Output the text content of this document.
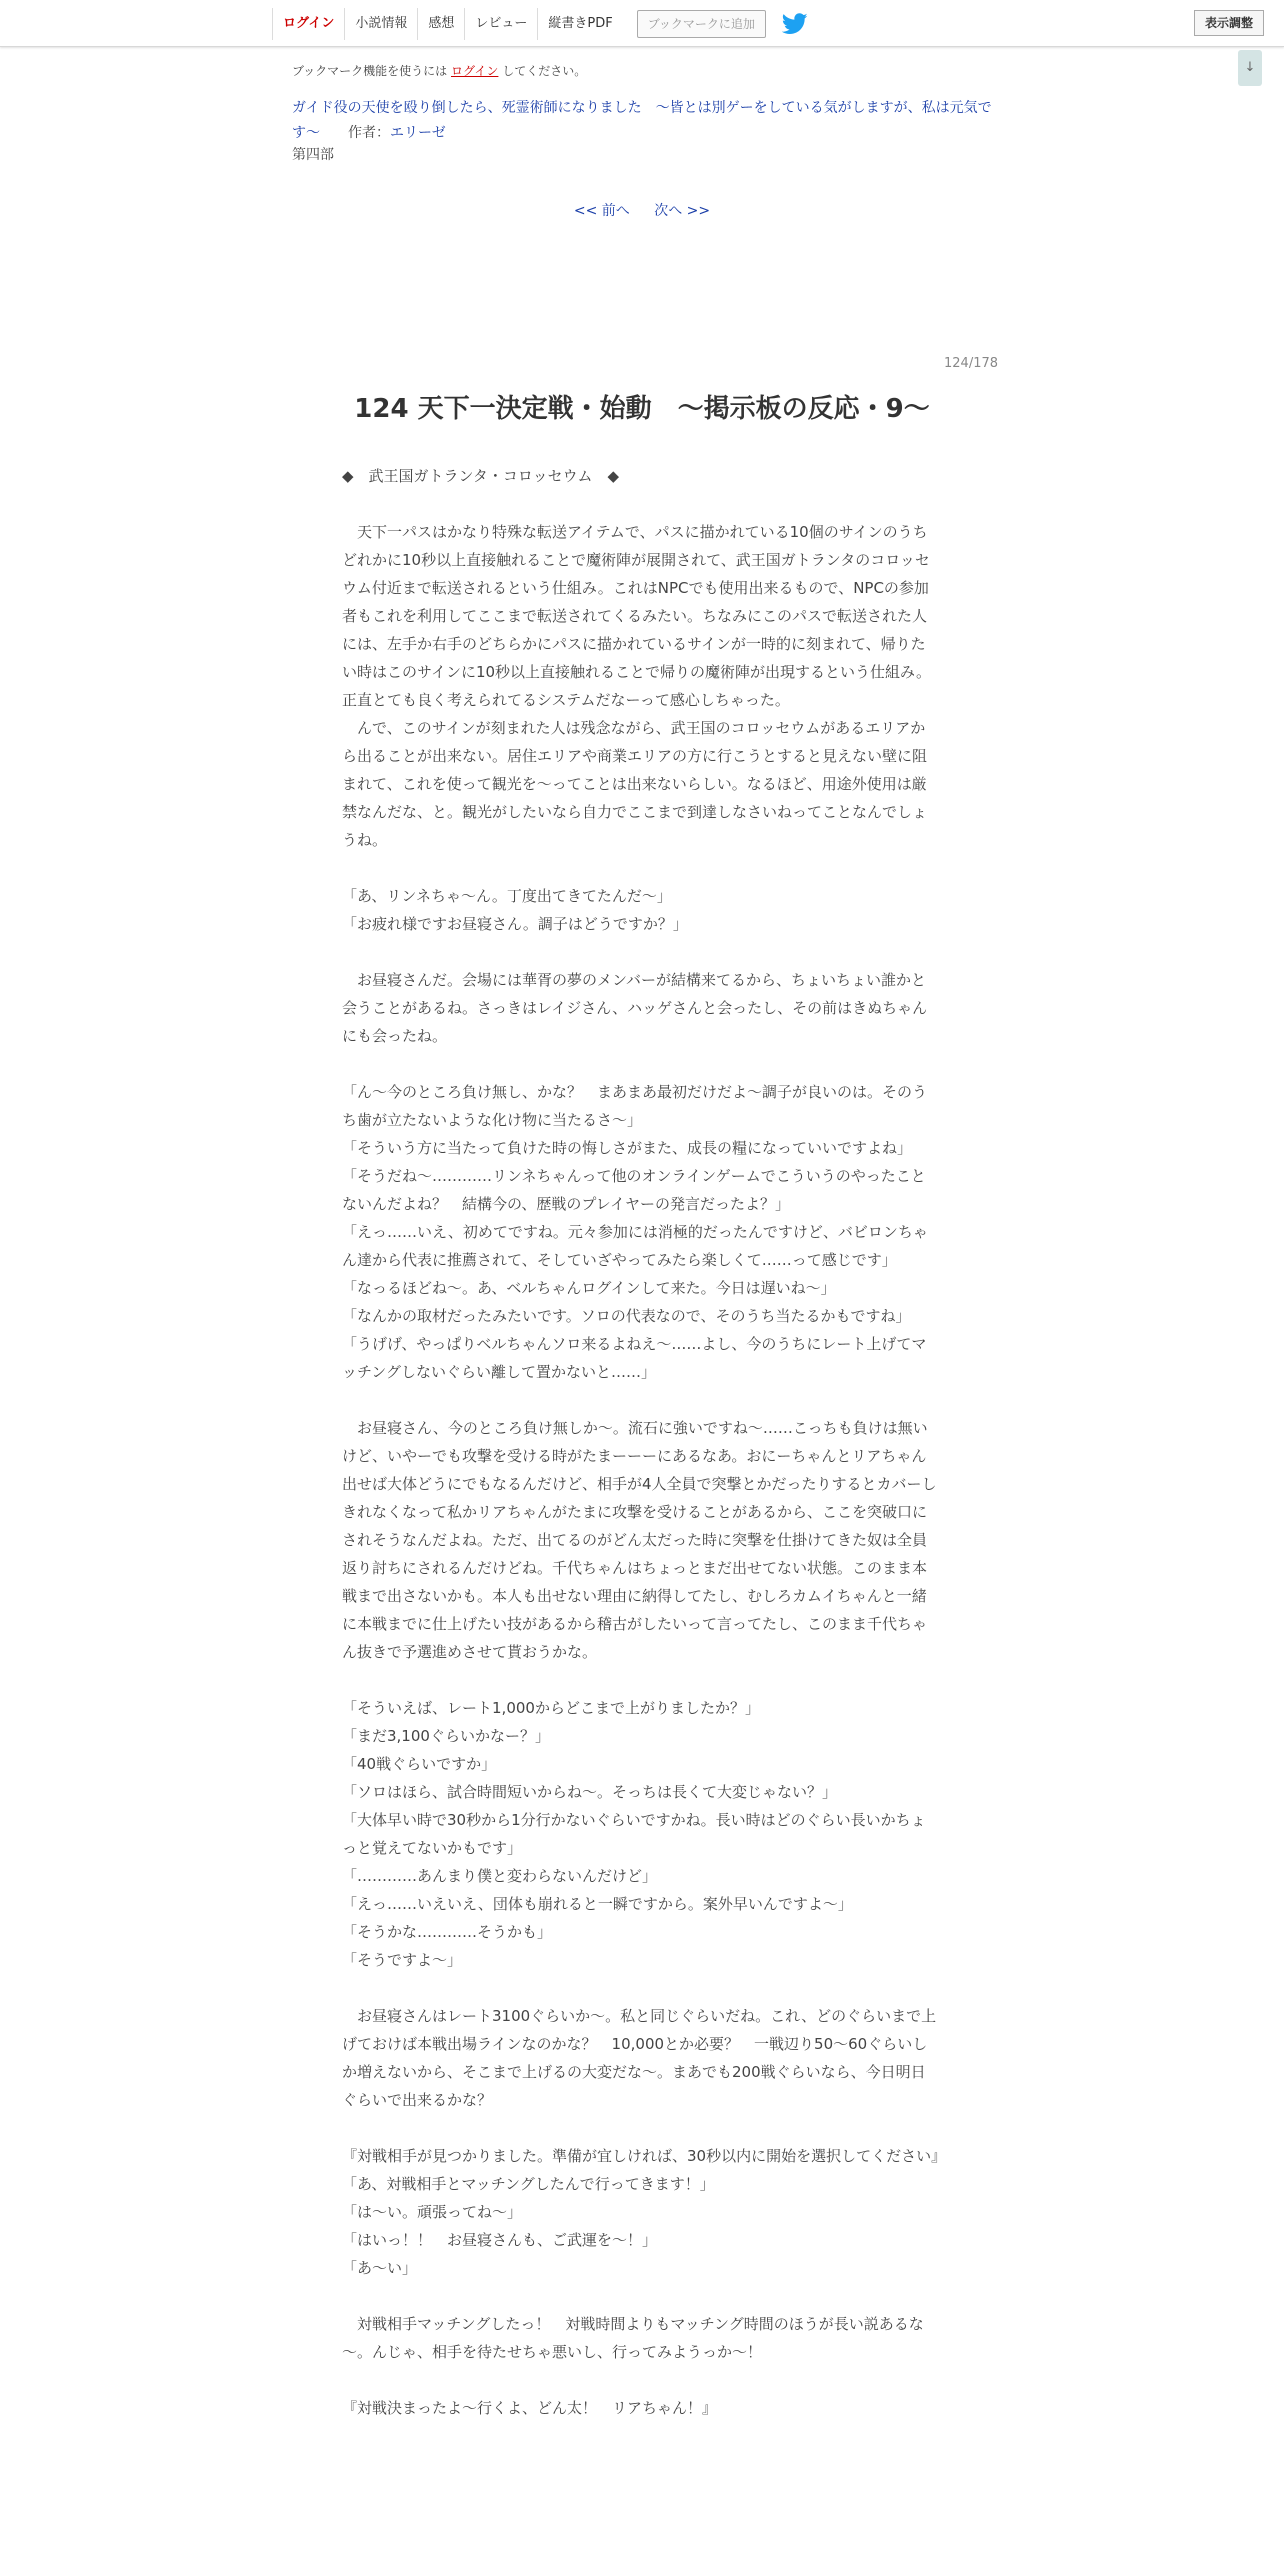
ログイン	小説情報	感想	レビュー	縦書きPDF	ブックマークに追加	表示調整
↓
ブックマーク機能を使うには ログイン してください。
ガイド役の天使を殴り倒したら、死霊術師になりました　～皆とは別ゲーをしている気がしますが、私は元気です～ 作者：エリーゼ
第四部
<< 前へ 次へ >>
124/178
124 天下一決定戦・始動　～掲示板の反応・9～

◆　武王国ガトランタ・コロッセウム　◆

　天下一パスはかなり特殊な転送アイテムで、パスに描かれている10個のサインのうちどれかに10秒以上直接触れることで魔術陣が展開されて、武王国ガトランタのコロッセウム付近まで転送されるという仕組み。これはNPCでも使用出来るもので、NPCの参加者もこれを利用してここまで転送されてくるみたい。ちなみにこのパスで転送された人には、左手か右手のどちらかにパスに描かれているサインが一時的に刻まれて、帰りたい時はこのサインに10秒以上直接触れることで帰りの魔術陣が出現するという仕組み。正直とても良く考えられてるシステムだなーって感心しちゃった。

　んで、このサインが刻まれた人は残念ながら、武王国のコロッセウムがあるエリアから出ることが出来ない。居住エリアや商業エリアの方に行こうとすると見えない壁に阻まれて、これを使って観光を～ってことは出来ないらしい。なるほど、用途外使用は厳禁なんだな、と。観光がしたいなら自力でここまで到達しなさいねってことなんでしょうね。

「あ、リンネちゃ～ん。丁度出てきてたんだ～」

「お疲れ様ですお昼寝さん。調子はどうですか？」

　お昼寝さんだ。会場には華胥の夢のメンバーが結構来てるから、ちょいちょい誰かと会うことがあるね。さっきはレイジさん、ハッゲさんと会ったし、その前はきぬちゃんにも会ったね。

「ん～今のところ負け無し、かな？　まあまあ最初だけだよ～調子が良いのは。そのうち歯が立たないような化け物に当たるさ～」

「そういう方に当たって負けた時の悔しさがまた、成長の糧になっていいですよね」

「そうだね～…………リンネちゃんって他のオンラインゲームでこういうのやったことないんだよね？　結構今の、歴戦のプレイヤーの発言だったよ？」

「えっ……いえ、初めてですね。元々参加には消極的だったんですけど、バビロンちゃん達から代表に推薦されて、そしていざやってみたら楽しくて……って感じです」

「なっるほどね～。あ、ベルちゃんログインして来た。今日は遅いね～」

「なんかの取材だったみたいです。ソロの代表なので、そのうち当たるかもですね」

「うげげ、やっぱりベルちゃんソロ来るよねえ～……よし、今のうちにレート上げてマッチングしないぐらい離して置かないと……」

　お昼寝さん、今のところ負け無しか～。流石に強いですね～……こっちも負けは無いけど、いやーでも攻撃を受ける時がたまーーーにあるなあ。おにーちゃんとリアちゃん出せば大体どうにでもなるんだけど、相手が4人全員で突撃とかだったりするとカバーしきれなくなって私かリアちゃんがたまに攻撃を受けることがあるから、ここを突破口にされそうなんだよね。ただ、出てるのがどん太だった時に突撃を仕掛けてきた奴は全員返り討ちにされるんだけどね。千代ちゃんはちょっとまだ出せてない状態。このまま本戦まで出さないかも。本人も出せない理由に納得してたし、むしろカムイちゃんと一緒に本戦までに仕上げたい技があるから稽古がしたいって言ってたし、このまま千代ちゃん抜きで予選進めさせて貰おうかな。

「そういえば、レート1,000からどこまで上がりましたか？」

「まだ3,100ぐらいかなー？」

「40戦ぐらいですか」

「ソロはほら、試合時間短いからね～。そっちは長くて大変じゃない？」

「大体早い時で30秒から1分行かないぐらいですかね。長い時はどのぐらい長いかちょっと覚えてないかもです」

「…………あんまり僕と変わらないんだけど」

「えっ……いえいえ、団体も崩れると一瞬ですから。案外早いんですよ～」

「そうかな…………そうかも」

「そうですよ～」

　お昼寝さんはレート3100ぐらいか～。私と同じぐらいだね。これ、どのぐらいまで上げておけば本戦出場ラインなのかな？　10,000とか必要？　一戦辺り50～60ぐらいしか増えないから、そこまで上げるの大変だな～。まあでも200戦ぐらいなら、今日明日ぐらいで出来るかな？

『対戦相手が見つかりました。準備が宜しければ、30秒以内に開始を選択してください』

「あ、対戦相手とマッチングしたんで行ってきます！」

「は～い。頑張ってね～」

「はいっ！！　お昼寝さんも、ご武運を～！」

「あ～い」

　対戦相手マッチングしたっ！　対戦時間よりもマッチング時間のほうが長い説あるな～。んじゃ、相手を待たせちゃ悪いし、行ってみようっか～！

『対戦決まったよ～行くよ、どん太！　リアちゃん！』
